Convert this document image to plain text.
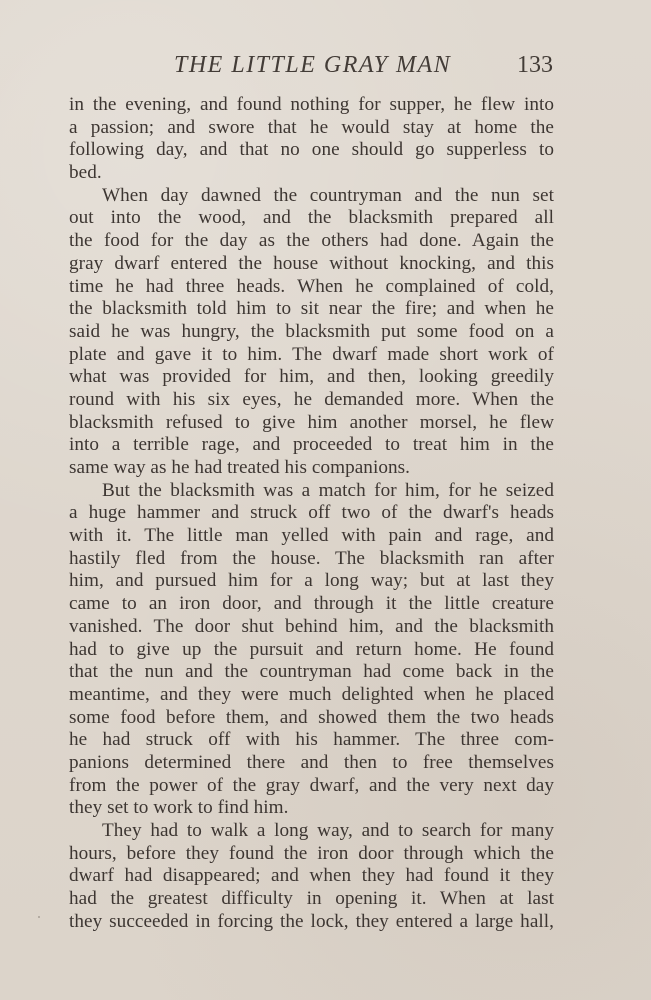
THE LITTLE GRAY MAN	133
in the evening, and found nothing for supper, he flew into
a passion; and swore that he would stay at home the
following day, and that no one should go supperless to
bed.
When day dawned the countryman and the nun set
out into the wood, and the blacksmith prepared all
the food for the day as the others had done. Again the
gray dwarf entered the house without knocking, and this
time he had three heads. When he complained of cold,
the blacksmith told him to sit near the fire; and when he
said he was hungry, the blacksmith put some food on a
plate and gave it to him. The dwarf made short work of
what was provided for him, and then, looking greedily
round with his six eyes, he demanded more. When the
blacksmith refused to give him another morsel, he flew
into a terrible rage, and proceeded to treat him in the
same way as he had treated his companions.
But the blacksmith was a match for him, for he seized
a huge hammer and struck off two of the dwarf's heads
with it. The little man yelled with pain and rage, and
hastily fled from the house. The blacksmith ran after
him, and pursued him for a long way; but at last they
came to an iron door, and through it the little creature
vanished. The door shut behind him, and the blacksmith
had to give up the pursuit and return home. He found
that the nun and the countryman had come back in the
meantime, and they were much delighted when he placed
some food before them, and showed them the two heads
he had struck off with his hammer. The three com-
panions determined there and then to free themselves
from the power of the gray dwarf, and the very next day
they set to work to find him.
They had to walk a long way, and to search for many
hours, before they found the iron door through which the
dwarf had disappeared; and when they had found it they
had the greatest difficulty in opening it. When at last
they succeeded in forcing the lock, they entered a large hall,
